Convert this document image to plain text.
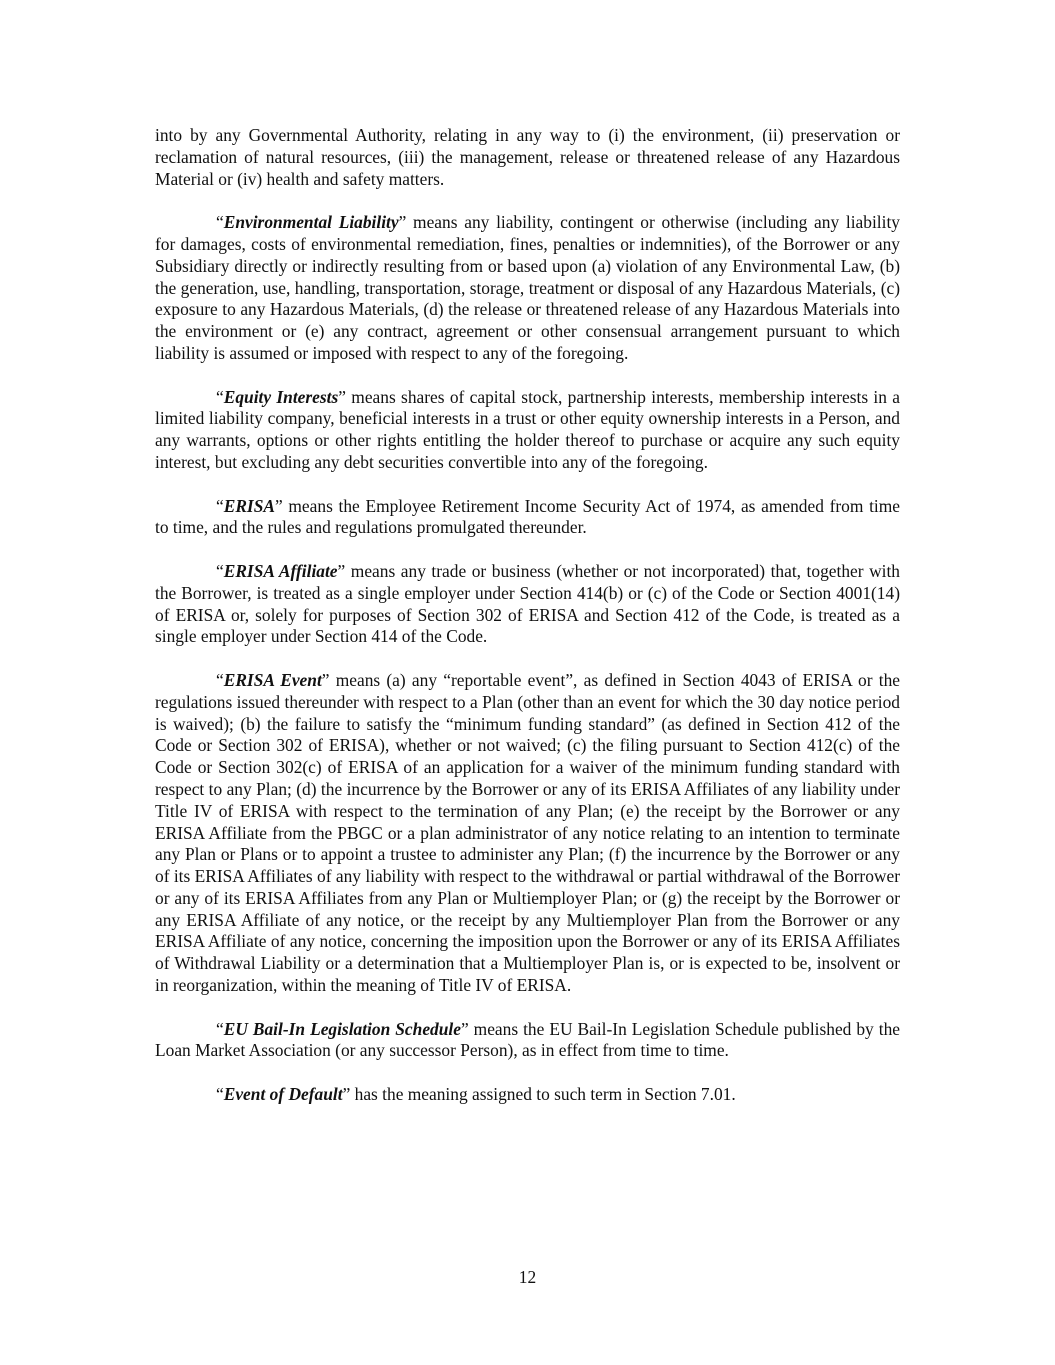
into by any Governmental Authority, relating in any way to (i) the environment, (ii) preservation or reclamation of natural resources, (iii) the management, release or threatened release of any Hazardous Material or (iv) health and safety matters.

“Environmental Liability” means any liability, contingent or otherwise (including any liability for damages, costs of environmental remediation, fines, penalties or indemnities), of the Borrower or any Subsidiary directly or indirectly resulting from or based upon (a) violation of any Environmental Law, (b) the generation, use, handling, transportation, storage, treatment or disposal of any Hazardous Materials, (c) exposure to any Hazardous Materials, (d) the release or threatened release of any Hazardous Materials into the environment or (e) any contract, agreement or other consensual arrangement pursuant to which liability is assumed or imposed with respect to any of the foregoing.

“Equity Interests” means shares of capital stock, partnership interests, membership interests in a limited liability company, beneficial interests in a trust or other equity ownership interests in a Person, and any warrants, options or other rights entitling the holder thereof to purchase or acquire any such equity interest, but excluding any debt securities convertible into any of the foregoing.

“ERISA” means the Employee Retirement Income Security Act of 1974, as amended from time to time, and the rules and regulations promulgated thereunder.

“ERISA Affiliate” means any trade or business (whether or not incorporated) that, together with the Borrower, is treated as a single employer under Section 414(b) or (c) of the Code or Section 4001(14) of ERISA or, solely for purposes of Section 302 of ERISA and Section 412 of the Code, is treated as a single employer under Section 414 of the Code.

“ERISA Event” means (a) any “reportable event”, as defined in Section 4043 of ERISA or the regulations issued thereunder with respect to a Plan (other than an event for which the 30 day notice period is waived); (b) the failure to satisfy the “minimum funding standard” (as defined in Section 412 of the Code or Section 302 of ERISA), whether or not waived; (c) the filing pursuant to Section 412(c) of the Code or Section 302(c) of ERISA of an application for a waiver of the minimum funding standard with respect to any Plan; (d) the incurrence by the Borrower or any of its ERISA Affiliates of any liability under Title IV of ERISA with respect to the termination of any Plan; (e) the receipt by the Borrower or any ERISA Affiliate from the PBGC or a plan administrator of any notice relating to an intention to terminate any Plan or Plans or to appoint a trustee to administer any Plan; (f) the incurrence by the Borrower or any of its ERISA Affiliates of any liability with respect to the withdrawal or partial withdrawal of the Borrower or any of its ERISA Affiliates from any Plan or Multiemployer Plan; or (g) the receipt by the Borrower or any ERISA Affiliate of any notice, or the receipt by any Multiemployer Plan from the Borrower or any ERISA Affiliate of any notice, concerning the imposition upon the Borrower or any of its ERISA Affiliates of Withdrawal Liability or a determination that a Multiemployer Plan is, or is expected to be, insolvent or in reorganization, within the meaning of Title IV of ERISA.

“EU Bail-In Legislation Schedule” means the EU Bail-In Legislation Schedule published by the Loan Market Association (or any successor Person), as in effect from time to time.

“Event of Default” has the meaning assigned to such term in Section 7.01.

12
